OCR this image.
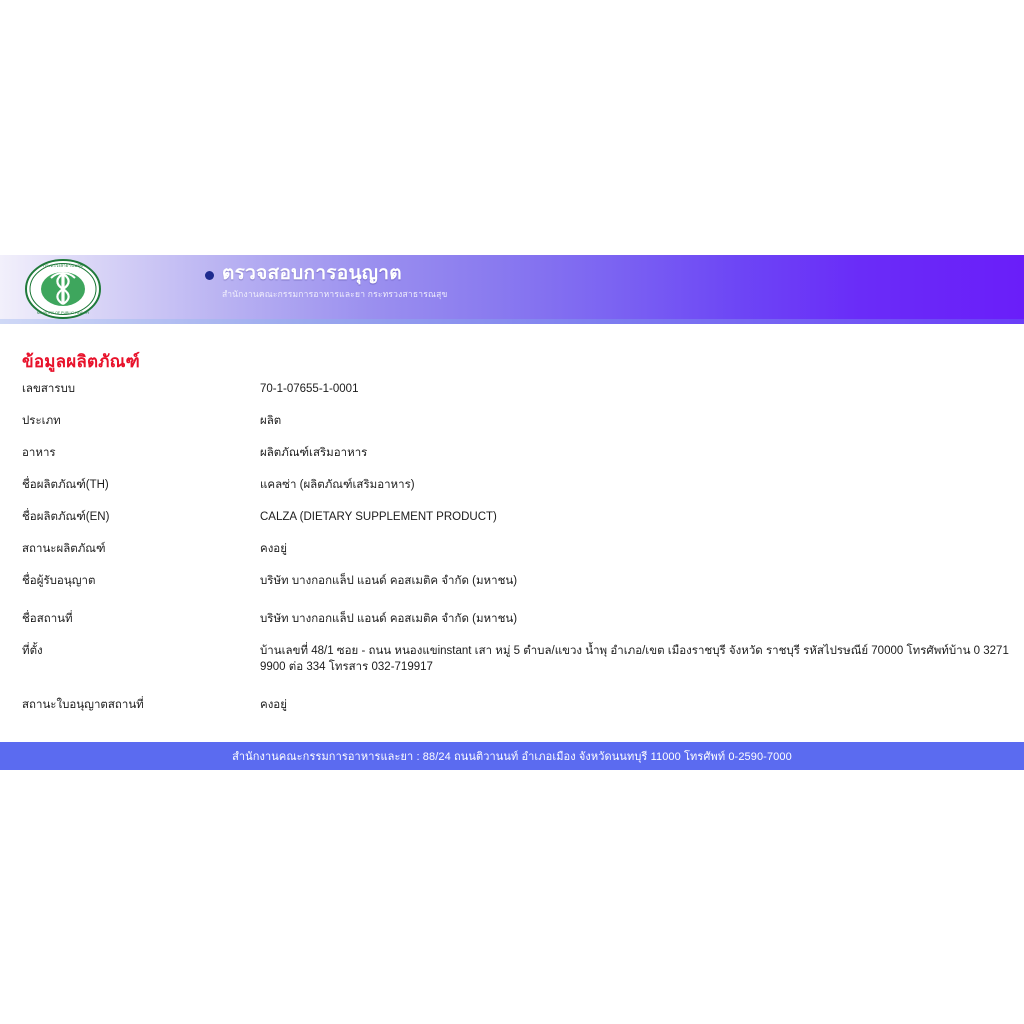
กระทรวงสาธารณสุข
MINISTRY OF PUBLIC HEALTH
ตรวจสอบการอนุญาต
สำนักงานคณะกรรมการอาหารและยา กระทรวงสาธารณสุข
ข้อมูลผลิตภัณฑ์
เลขสารบบ	70-1-07655-1-0001
ประเภท	ผลิต
อาหาร	ผลิตภัณฑ์เสริมอาหาร
ชื่อผลิตภัณฑ์(TH)	แคลซ่า (ผลิตภัณฑ์เสริมอาหาร)
ชื่อผลิตภัณฑ์(EN)	CALZA (DIETARY SUPPLEMENT PRODUCT)
สถานะผลิตภัณฑ์	คงอยู่
ชื่อผู้รับอนุญาต	บริษัท บางกอกแล็ป แอนด์ คอสเมติค จำกัด (มหาชน)
ชื่อสถานที่	บริษัท บางกอกแล็ป แอนด์ คอสเมติค จำกัด (มหาชน)
ที่ตั้ง	บ้านเลขที่ 48/1 ซอย - ถนน หนองแขinstant เสา หมู่ 5 ตำบล/แขวง น้ำพุ อำเภอ/เขต เมืองราชบุรี จังหวัด ราชบุรี รหัสไปรษณีย์ 70000 โทรศัพท์บ้าน 0 3271 9900 ต่อ 334 โทรสาร 032-719917
สถานะใบอนุญาตสถานที่	คงอยู่
สำนักงานคณะกรรมการอาหารและยา : 88/24 ถนนติวานนท์ อำเภอเมือง จังหวัดนนทบุรี 11000 โทรศัพท์ 0-2590-7000
